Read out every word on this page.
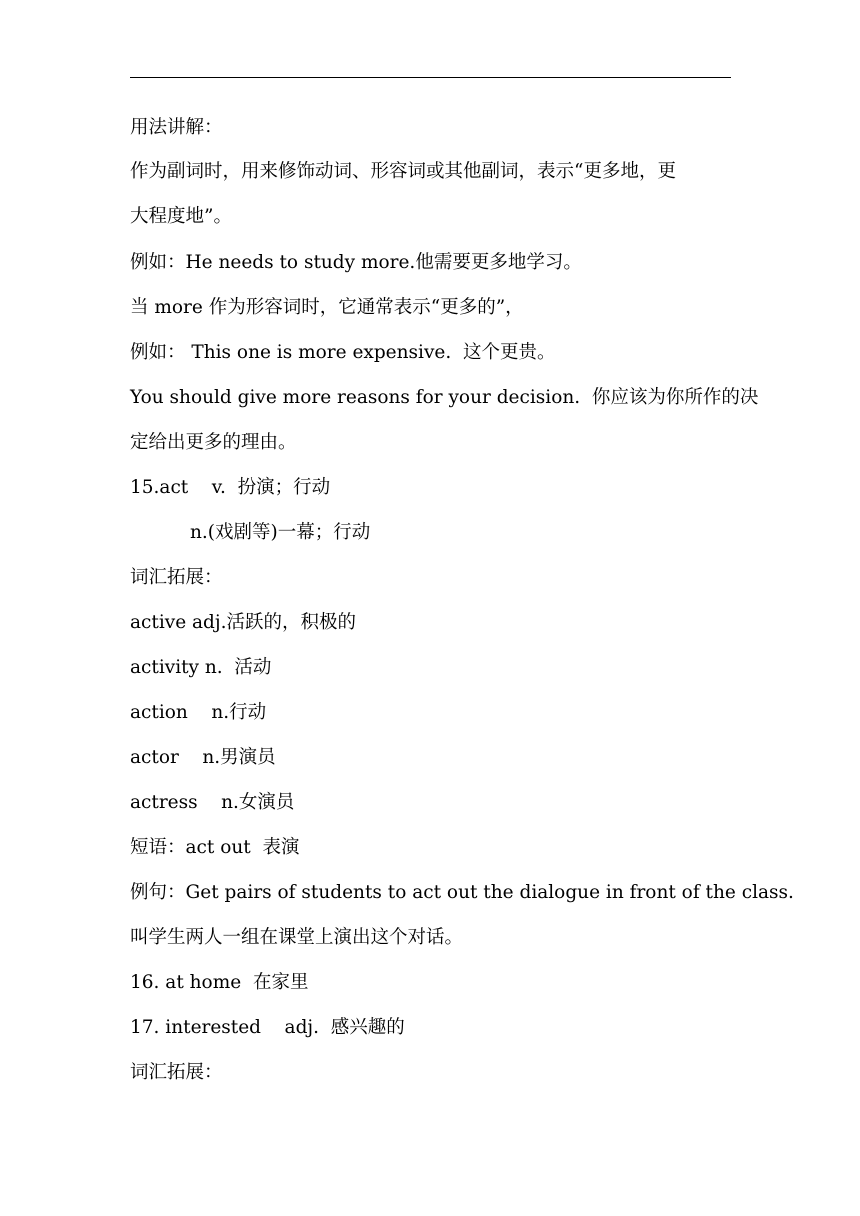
用法讲解：
作为副词时，用来修饰动词、形容词或其他副词，表示“更多地，更
大程度地”。
例如：He needs to study more.他需要更多地学习。
当 more 作为形容词时，它通常表示“更多的”，
例如： This one is more expensive.  这个更贵。
You should give more reasons for your decision.  你应该为你所作的决
定给出更多的理由。
15.act    v.  扮演；行动
n.(戏剧等)一幕；行动
词汇拓展：
active adj.活跃的，积极的
activity n.  活动
action    n.行动
actor    n.男演员
actress    n.女演员
短语：act out  表演
例句：Get pairs of students to act out the dialogue in front of the class.
叫学生两人一组在课堂上演出这个对话。
16. at home  在家里
17. interested    adj.  感兴趣的
词汇拓展：
